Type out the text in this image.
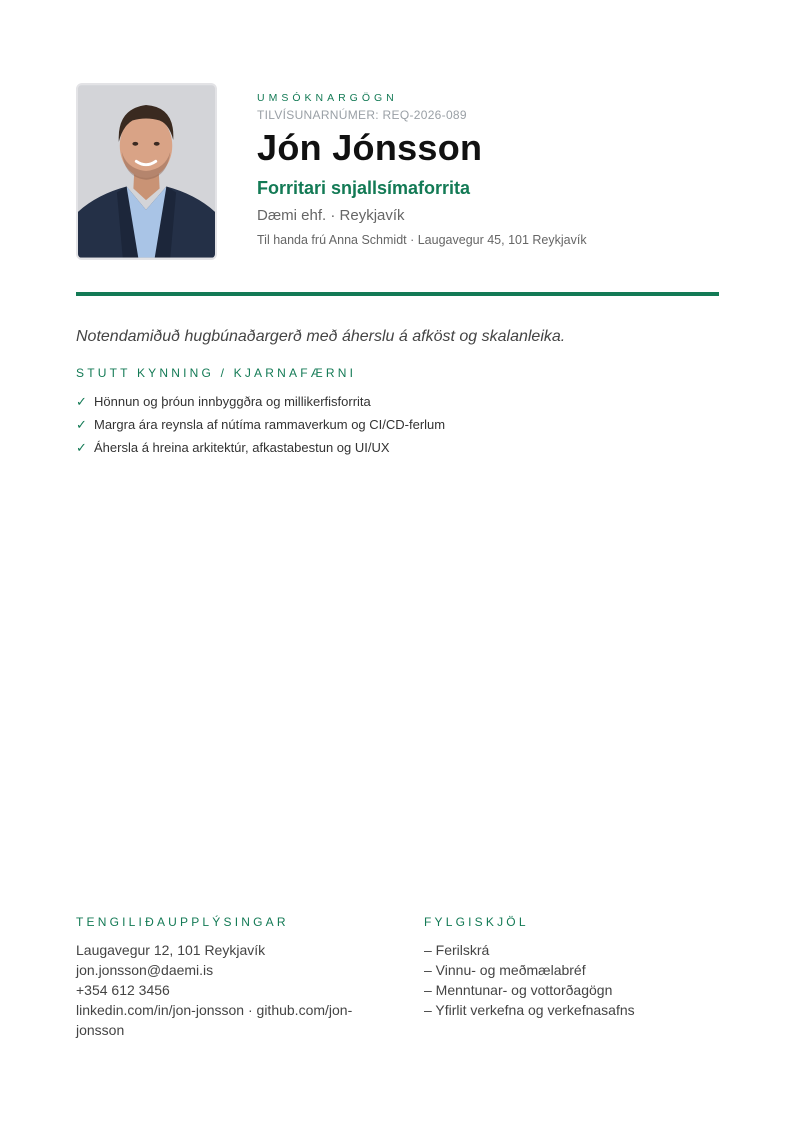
UMSÓKNARGÖGN
TILVÍSUNARNÚMER: REQ-2026-089
Jón Jónsson
Forritari snjallsímaforrita
Dæmi ehf. · Reykjavík
Til handa frú Anna Schmidt · Laugavegur 45, 101 Reykjavík
Notendamiðuð hugbúnaðargerð með áherslu á afköst og skalanleika.
STUTT KYNNING / KJARNAFÆRNI
✓ Hönnun og þróun innbyggðra og millikerfisforrita
✓ Margra ára reynsla af nútíma rammaverkum og CI/CD-ferlum
✓ Áhersla á hreina arkitektúr, afkastabestun og UI/UX
TENGILIÐAUPPLÝSINGAR
Laugavegur 12, 101 Reykjavík
jon.jonsson@daemi.is
+354 612 3456
linkedin.com/in/jon-jonsson · github.com/jon-jonsson
FYLGISKJÖL
– Ferilskrá
– Vinnu- og meðmælabréf
– Menntunar- og vottorðagögn
– Yfirlit verkefna og verkefnasafns
